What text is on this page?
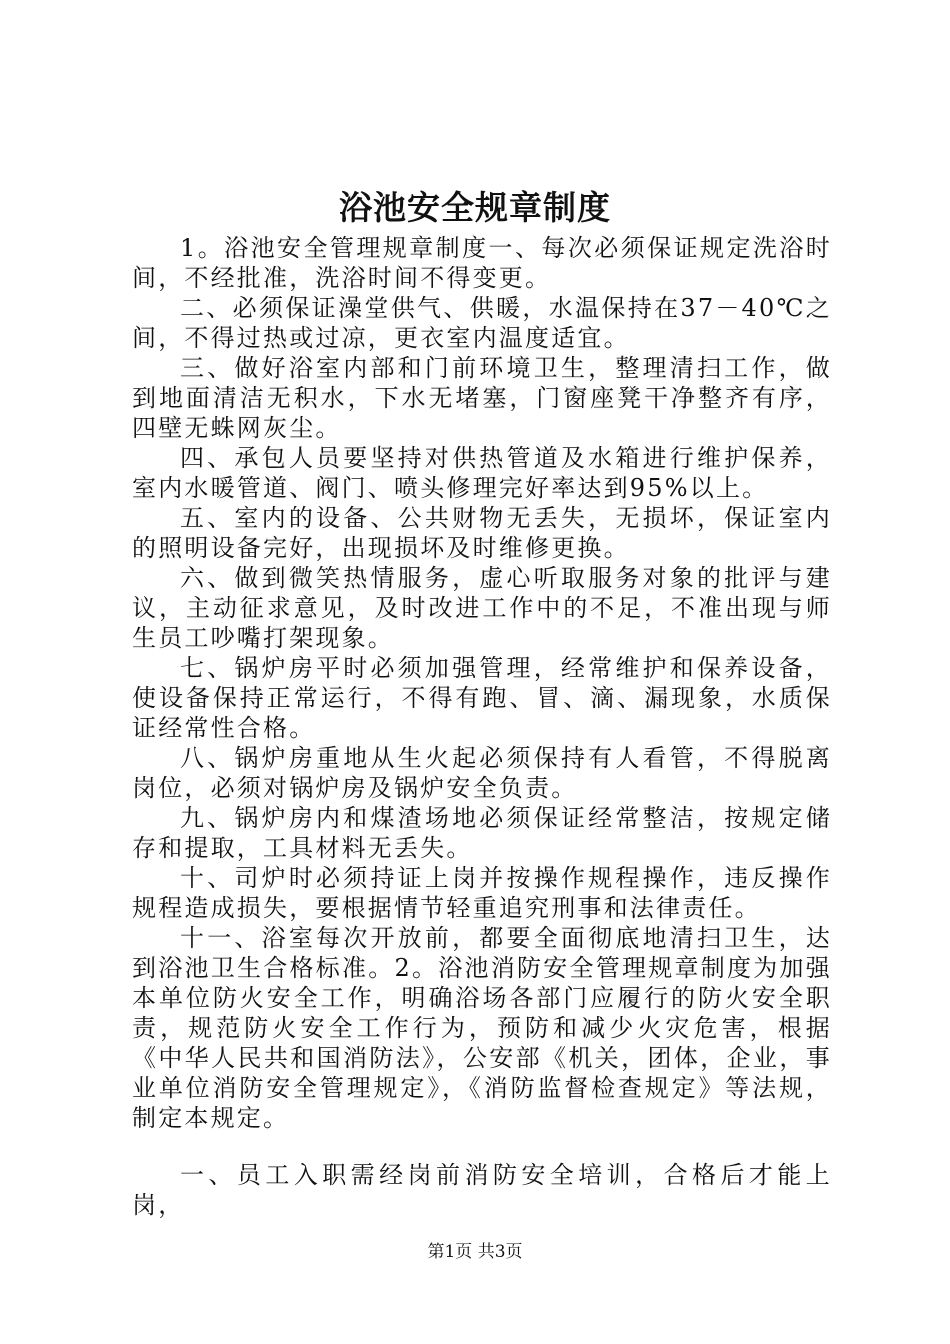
浴池安全规章制度

1。浴池安全管理规章制度一、每次必须保证规定洗浴时间，不经批准，洗浴时间不得变更。

二、必须保证澡堂供气、供暖，水温保持在37－40℃之间，不得过热或过凉，更衣室内温度适宜。

三、做好浴室内部和门前环境卫生，整理清扫工作，做到地面清洁无积水，下水无堵塞，门窗座凳干净整齐有序，四壁无蛛网灰尘。

四、承包人员要坚持对供热管道及水箱进行维护保养，室内水暖管道、阀门、喷头修理完好率达到95%以上。

五、室内的设备、公共财物无丢失，无损坏，保证室内的照明设备完好，出现损坏及时维修更换。

六、做到微笑热情服务，虚心听取服务对象的批评与建议，主动征求意见，及时改进工作中的不足，不准出现与师生员工吵嘴打架现象。

七、锅炉房平时必须加强管理，经常维护和保养设备，使设备保持正常运行，不得有跑、冒、滴、漏现象，水质保证经常性合格。

八、锅炉房重地从生火起必须保持有人看管，不得脱离岗位，必须对锅炉房及锅炉安全负责。

九、锅炉房内和煤渣场地必须保证经常整洁，按规定储存和提取，工具材料无丢失。

十、司炉时必须持证上岗并按操作规程操作，违反操作规程造成损失，要根据情节轻重追究刑事和法律责任。

十一、浴室每次开放前，都要全面彻底地清扫卫生，达到浴池卫生合格标准。2。浴池消防安全管理规章制度为加强本单位防火安全工作，明确浴场各部门应履行的防火安全职责，规范防火安全工作行为，预防和减少火灾危害，根据《中华人民共和国消防法》，公安部《机关，团体，企业，事业单位消防安全管理规定》，《消防监督检查规定》等法规，制定本规定。

一、员工入职需经岗前消防安全培训，合格后才能上岗，

第1页 共3页
